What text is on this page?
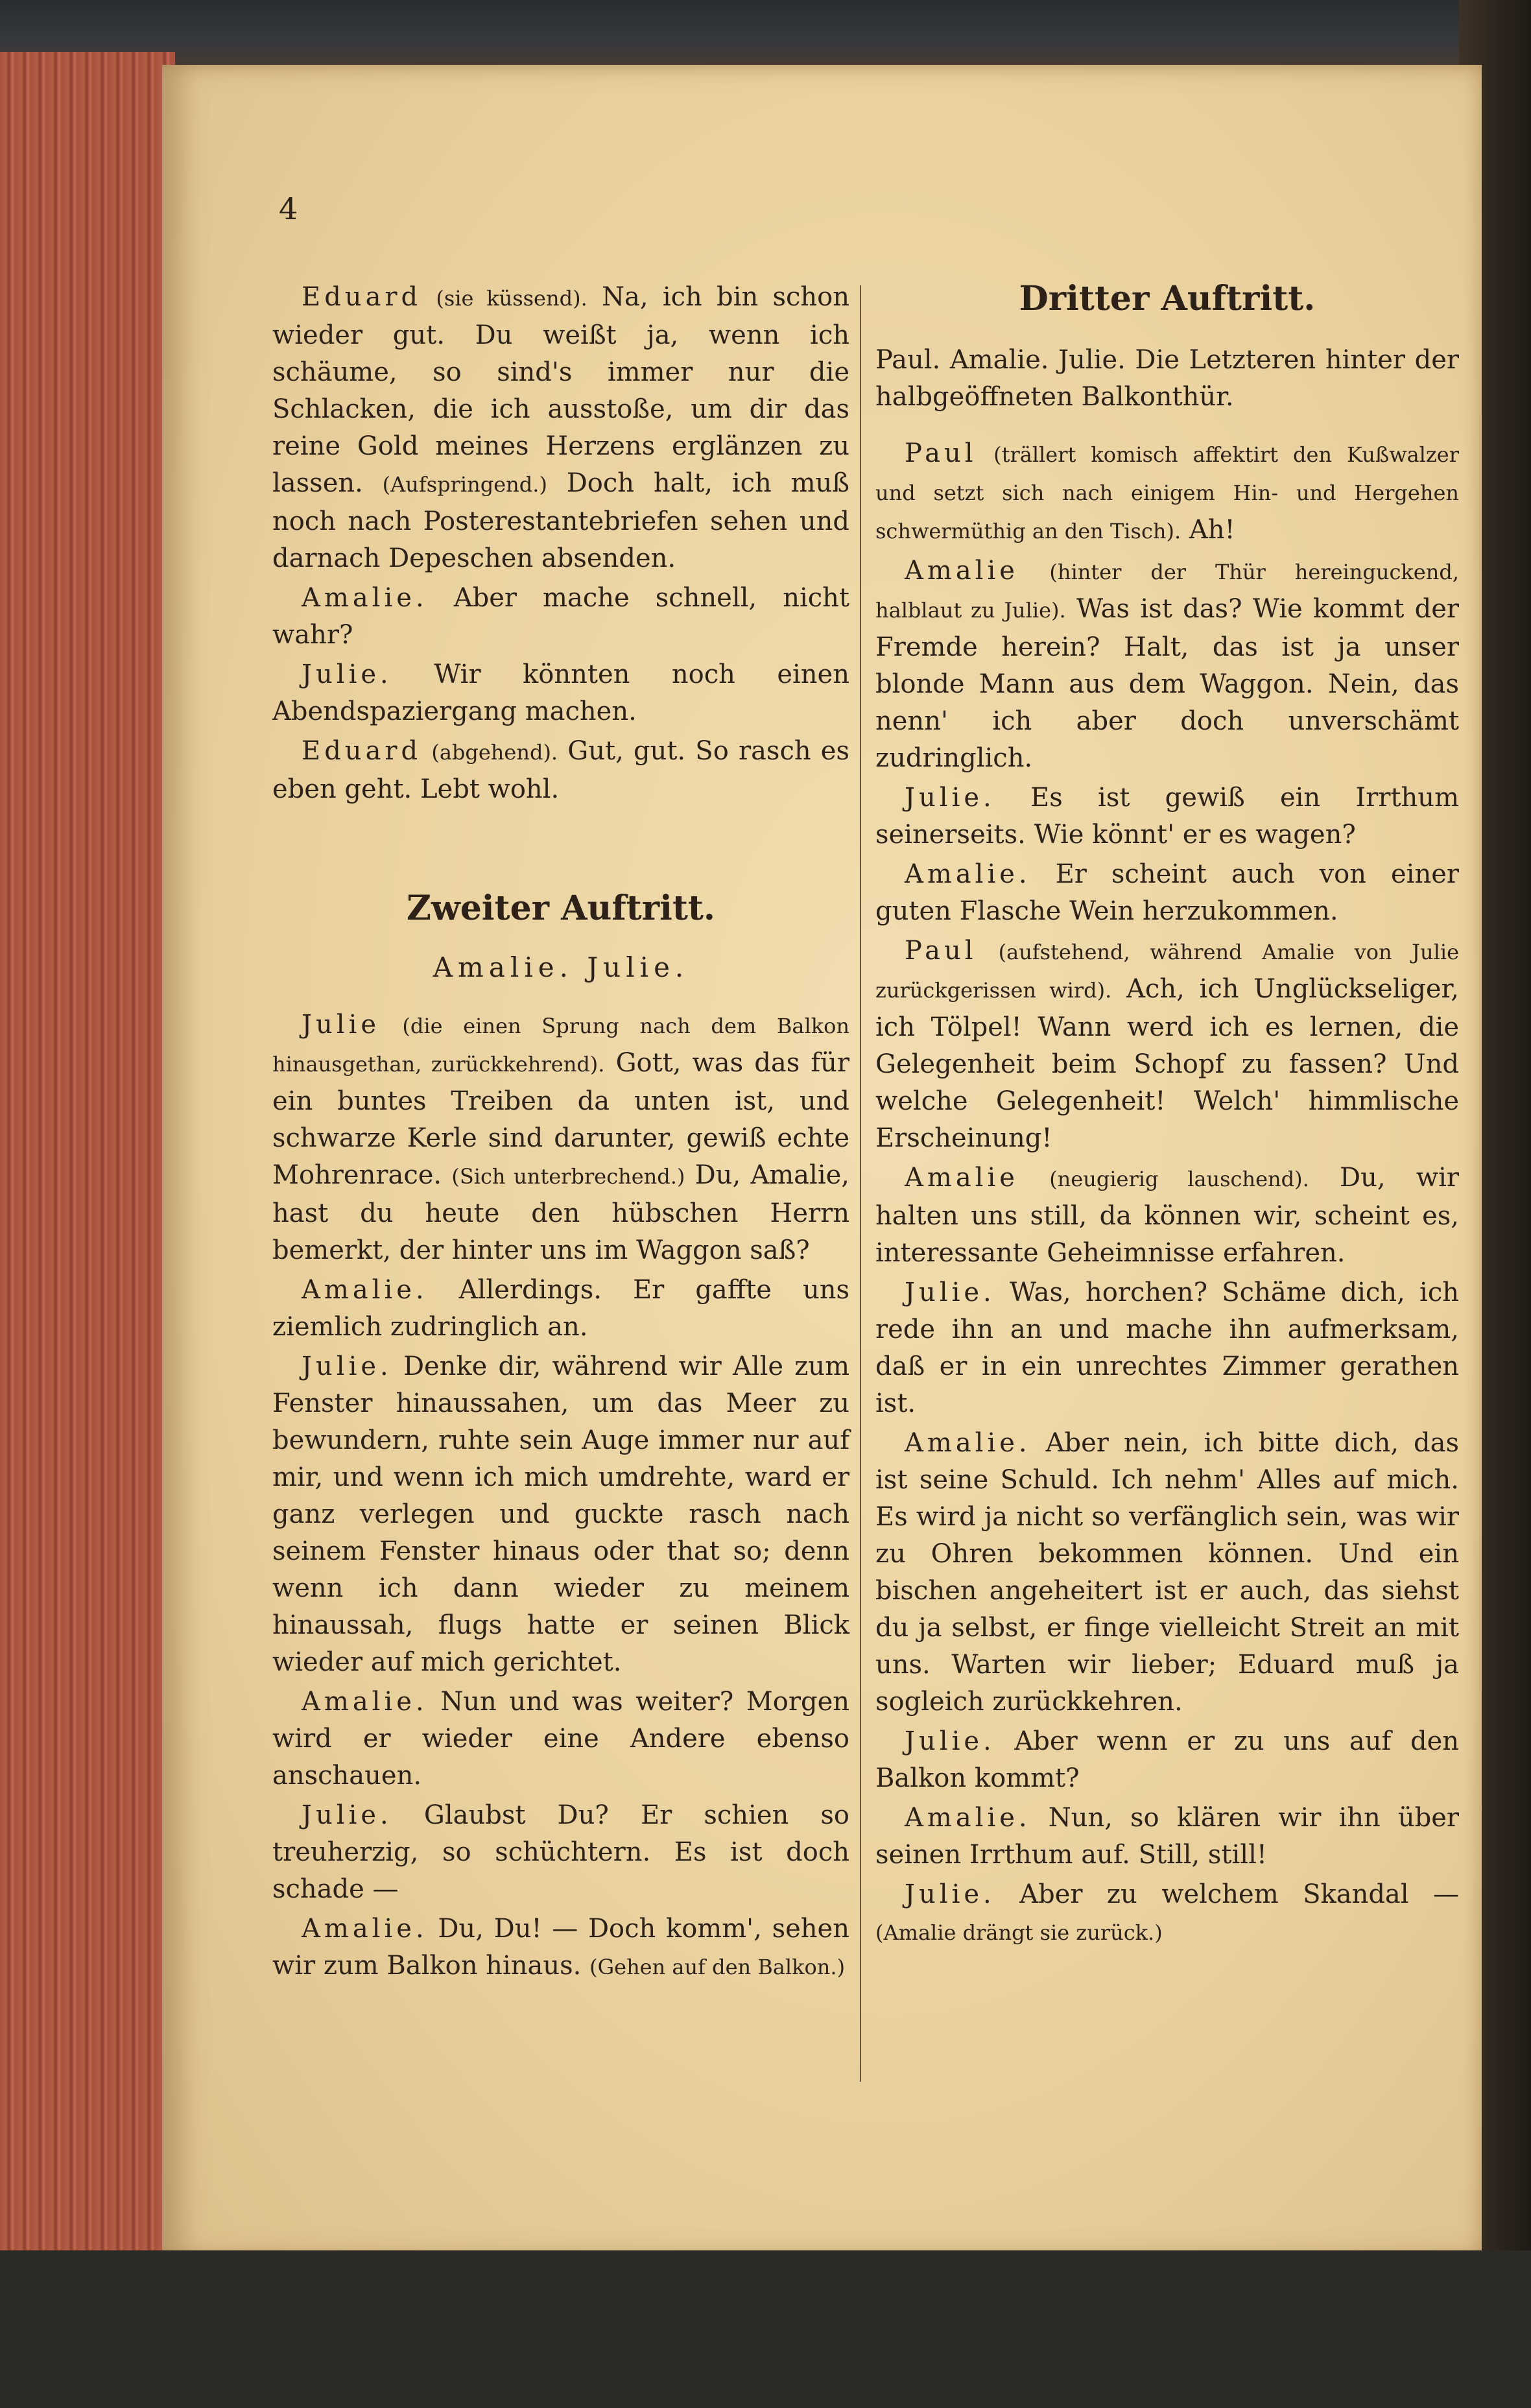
4

Eduard (sie küssend). Na, ich bin schon wieder gut. Du weißt ja, wenn ich schäume, so sind's immer nur die Schlacken, die ich ausstoße, um dir das reine Gold meines Herzens erglänzen zu lassen. (Aufspringend.) Doch halt, ich muß noch nach Posterestantebriefen sehen und darnach Depeschen absenden.

Amalie. Aber mache schnell, nicht wahr?

Julie. Wir könnten noch einen Abendspaziergang machen.

Eduard (abgehend). Gut, gut. So rasch es eben geht. Lebt wohl.

Zweiter Auftritt.

Amalie. Julie.

Julie (die einen Sprung nach dem Balkon hinausgethan, zurückkehrend). Gott, was das für ein buntes Treiben da unten ist, und schwarze Kerle sind darunter, gewiß echte Mohrenrace. (Sich unterbrechend.) Du, Amalie, hast du heute den hübschen Herrn bemerkt, der hinter uns im Waggon saß?

Amalie. Allerdings. Er gaffte uns ziemlich zudringlich an.

Julie. Denke dir, während wir Alle zum Fenster hinaussahen, um das Meer zu bewundern, ruhte sein Auge immer nur auf mir, und wenn ich mich umdrehte, ward er ganz verlegen und guckte rasch nach seinem Fenster hinaus oder that so; denn wenn ich dann wieder zu meinem hinaussah, flugs hatte er seinen Blick wieder auf mich gerichtet.

Amalie. Nun und was weiter? Morgen wird er wieder eine Andere ebenso anschauen.

Julie. Glaubst Du? Er schien so treuherzig, so schüchtern. Es ist doch schade —

Amalie. Du, Du! — Doch komm', sehen wir zum Balkon hinaus. (Gehen auf den Balkon.)

Dritter Auftritt.

Paul. Amalie. Julie. Die Letzteren hinter der halbgeöffneten Balkonthür.

Paul (trällert komisch affektirt den Kußwalzer und setzt sich nach einigem Hin- und Hergehen schwermüthig an den Tisch). Ah!

Amalie (hinter der Thür hereinguckend, halblaut zu Julie). Was ist das? Wie kommt der Fremde herein? Halt, das ist ja unser blonde Mann aus dem Waggon. Nein, das nenn' ich aber doch unverschämt zudringlich.

Julie. Es ist gewiß ein Irrthum seinerseits. Wie könnt' er es wagen?

Amalie. Er scheint auch von einer guten Flasche Wein herzukommen.

Paul (aufstehend, während Amalie von Julie zurückgerissen wird). Ach, ich Unglückseliger, ich Tölpel! Wann werd ich es lernen, die Gelegenheit beim Schopf zu fassen? Und welche Gelegenheit! Welch' himmlische Erscheinung!

Amalie (neugierig lauschend). Du, wir halten uns still, da können wir, scheint es, interessante Geheimnisse erfahren.

Julie. Was, horchen? Schäme dich, ich rede ihn an und mache ihn aufmerksam, daß er in ein unrechtes Zimmer gerathen ist.

Amalie. Aber nein, ich bitte dich, das ist seine Schuld. Ich nehm' Alles auf mich. Es wird ja nicht so verfänglich sein, was wir zu Ohren bekommen können. Und ein bischen angeheitert ist er auch, das siehst du ja selbst, er finge vielleicht Streit an mit uns. Warten wir lieber; Eduard muß ja sogleich zurückkehren.

Julie. Aber wenn er zu uns auf den Balkon kommt?

Amalie. Nun, so klären wir ihn über seinen Irrthum auf. Still, still!

Julie. Aber zu welchem Skandal — (Amalie drängt sie zurück.)
